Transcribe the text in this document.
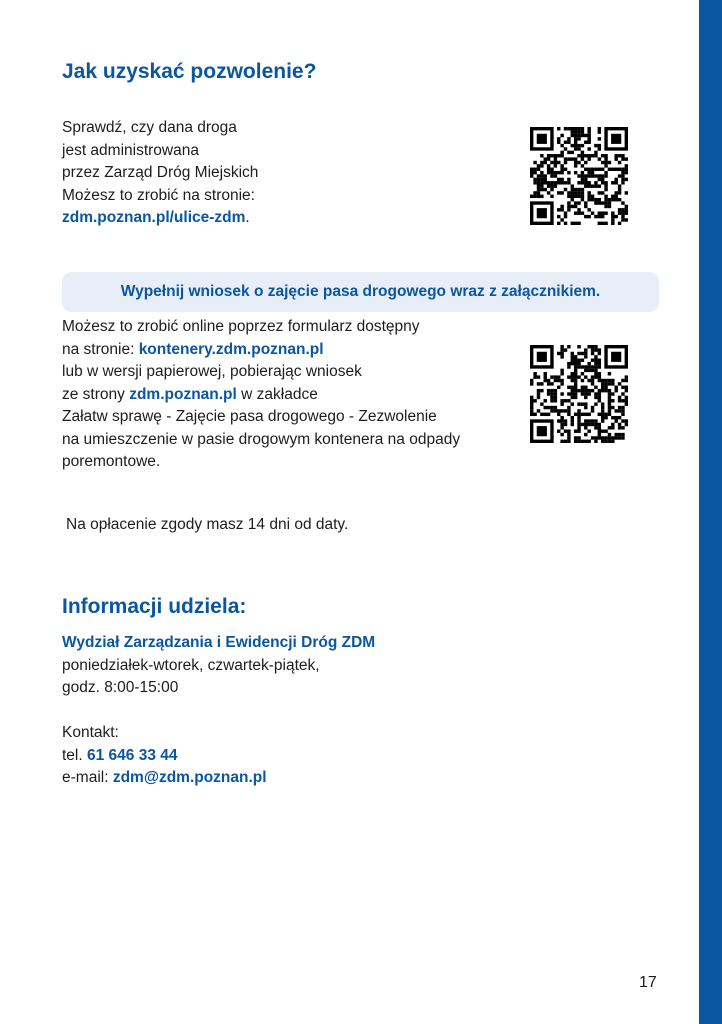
Jak uzyskać pozwolenie?

Sprawdź, czy dana droga
jest administrowana
przez Zarząd Dróg Miejskich
Możesz to zrobić na stronie:
zdm.poznan.pl/ulice-zdm.

Wypełnij wniosek o zajęcie pasa drogowego wraz z załącznikiem.

Możesz to zrobić online poprzez formularz dostępny
na stronie: kontenery.zdm.poznan.pl
lub w wersji papierowej, pobierając wniosek
ze strony zdm.poznan.pl w zakładce
Załatw sprawę - Zajęcie pasa drogowego - Zezwolenie
na umieszczenie w pasie drogowym kontenera na odpady
poremontowe.

Na opłacenie zgody masz 14 dni od daty.

Informacji udziela:
Wydział Zarządzania i Ewidencji Dróg ZDM
poniedziałek-wtorek, czwartek-piątek,
godz. 8:00-15:00
Kontakt:
tel. 61 646 33 44
e-mail: zdm@zdm.poznan.pl
17
